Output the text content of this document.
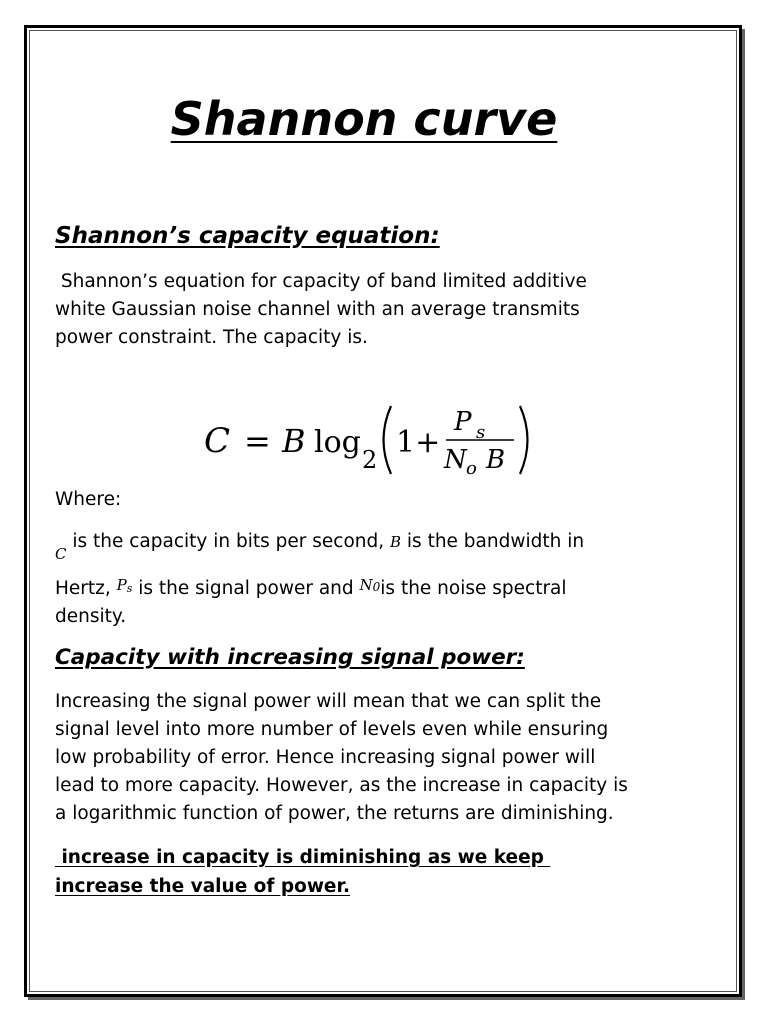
Shannon curve
Shannon’s capacity equation:
Shannon’s equation for capacity of band limited additive
white Gaussian noise channel with an average transmits
power constraint. The capacity is.
C = B log 2 1+
P s
N o B
Where:
$_C$ is the capacity in bits per second, B is the bandwidth in
Hertz, $^P$s is the signal power and $^N$0is the noise spectral
density.
Capacity with increasing signal power:
Increasing the signal power will mean that we can split the
signal level into more number of levels even while ensuring
low probability of error. Hence increasing signal power will
lead to more capacity. However, as the increase in capacity is
a logarithmic function of power, the returns are diminishing.
increase in capacity is diminishing as we keep
increase the value of power.
